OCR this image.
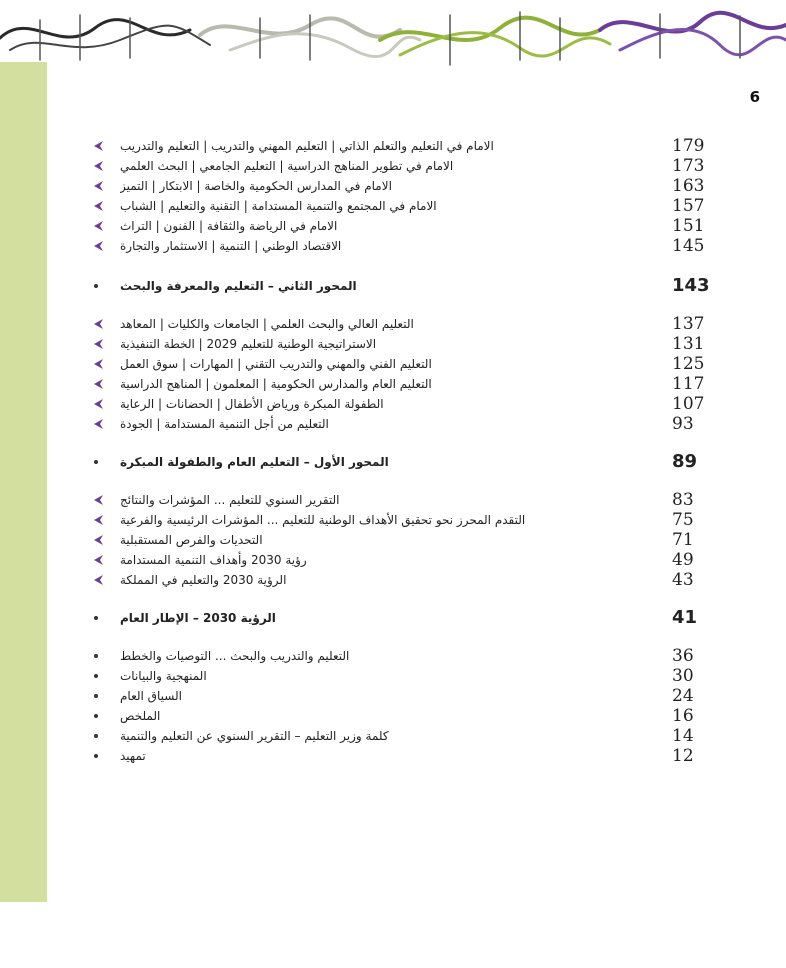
6
ﺍﻻﻣﺎﻡ ﻓﻲ ﺍﻟﺘﻌﻠﻴﻢ ﻭﺍﻟﺘﻌﻠﻢ ﺍﻟﺬﺍﺗﻲ | ﺍﻟﺘﻌﻠﻴﻢ ﺍﻟﻤﻬﻨﻲ ﻭﺍﻟﺘﺪﺭﻳﺐ | ﺍﻟﺘﻌﻠﻴﻢ ﻭﺍﻟﺘﺪﺭﻳﺐ	179
ﺍﻻﻣﺎﻡ ﻓﻲ ﺗﻄﻮﻳﺮ ﺍﻟﻤﻨﺎﻫﺞ ﺍﻟﺪﺭﺍﺳﻴﺔ | ﺍﻟﺘﻌﻠﻴﻢ ﺍﻟﺠﺎﻣﻌﻲ | ﺍﻟﺒﺤﺚ ﺍﻟﻌﻠﻤﻲ	173
ﺍﻻﻣﺎﻡ ﻓﻲ ﺍﻟﻤﺪﺍﺭﺱ ﺍﻟﺤﻜﻮﻣﻴﺔ ﻭﺍﻟﺨﺎﺻﺔ | ﺍﻻﺑﺘﻜﺎﺭ | ﺍﻟﺘﻤﻴﺰ	163
ﺍﻻﻣﺎﻡ ﻓﻲ ﺍﻟﻤﺠﺘﻤﻊ ﻭﺍﻟﺘﻨﻤﻴﺔ ﺍﻟﻤﺴﺘﺪﺍﻣﺔ | ﺍﻟﺘﻘﻨﻴﺔ ﻭﺍﻟﺘﻌﻠﻴﻢ | ﺍﻟﺸﺒﺎﺏ	157
ﺍﻻﻣﺎﻡ ﻓﻲ ﺍﻟﺮﻳﺎﺿﺔ ﻭﺍﻟﺜﻘﺎﻓﺔ | ﺍﻟﻔﻨﻮﻥ | ﺍﻟﺘﺮﺍﺙ	151
ﺍﻻﻗﺘﺼﺎﺩ ﺍﻟﻮﻃﻨﻲ | ﺍﻟﺘﻨﻤﻴﺔ | ﺍﻻﺳﺘﺜﻤﺎﺭ ﻭﺍﻟﺘﺠﺎﺭﺓ	145
ﺍﻟﻤﺤﻮﺭ ﺍﻟﺜﺎﻧﻲ – ﺍﻟﺘﻌﻠﻴﻢ ﻭﺍﻟﻤﻌﺮﻓﺔ ﻭﺍﻟﺒﺤﺚ	143
ﺍﻟﺘﻌﻠﻴﻢ ﺍﻟﻌﺎﻟﻲ ﻭﺍﻟﺒﺤﺚ ﺍﻟﻌﻠﻤﻲ | ﺍﻟﺠﺎﻣﻌﺎﺕ ﻭﺍﻟﻜﻠﻴﺎﺕ | ﺍﻟﻤﻌﺎﻫﺪ	137
ﺍﻻﺳﺘﺮﺍﺗﻴﺠﻴﺔ ﺍﻟﻮﻃﻨﻴﺔ ﻟﻠﺘﻌﻠﻴﻢ 2029 | ﺍﻟﺨﻄﺔ ﺍﻟﺘﻨﻔﻴﺬﻳﺔ	131
ﺍﻟﺘﻌﻠﻴﻢ ﺍﻟﻔﻨﻲ ﻭﺍﻟﻤﻬﻨﻲ ﻭﺍﻟﺘﺪﺭﻳﺐ ﺍﻟﺘﻘﻨﻲ | ﺍﻟﻤﻬﺎﺭﺍﺕ | ﺳﻮﻕ ﺍﻟﻌﻤﻞ	125
ﺍﻟﺘﻌﻠﻴﻢ ﺍﻟﻌﺎﻡ ﻭﺍﻟﻤﺪﺍﺭﺱ ﺍﻟﺤﻜﻮﻣﻴﺔ | ﺍﻟﻤﻌﻠﻤﻮﻥ | ﺍﻟﻤﻨﺎﻫﺞ ﺍﻟﺪﺭﺍﺳﻴﺔ	117
ﺍﻟﻄﻔﻮﻟﺔ ﺍﻟﻤﺒﻜﺮﺓ ﻭﺭﻳﺎﺽ ﺍﻷﻃﻔﺎﻝ | ﺍﻟﺤﻀﺎﻧﺎﺕ | ﺍﻟﺮﻋﺎﻳﺔ	107
ﺍﻟﺘﻌﻠﻴﻢ ﻣﻦ ﺃﺟﻞ ﺍﻟﺘﻨﻤﻴﺔ ﺍﻟﻤﺴﺘﺪﺍﻣﺔ | ﺍﻟﺠﻮﺩﺓ	93
ﺍﻟﻤﺤﻮﺭ ﺍﻷﻭﻝ – ﺍﻟﺘﻌﻠﻴﻢ ﺍﻟﻌﺎﻡ ﻭﺍﻟﻄﻔﻮﻟﺔ ﺍﻟﻤﺒﻜﺮﺓ	89
ﺍﻟﺘﻘﺮﻳﺮ ﺍﻟﺴﻨﻮﻱ ﻟﻠﺘﻌﻠﻴﻢ ... ﺍﻟﻤﺆﺷﺮﺍﺕ ﻭﺍﻟﻨﺘﺎﺋﺞ	83
ﺍﻟﺘﻘﺪﻡ ﺍﻟﻤﺤﺮﺯ ﻧﺤﻮ ﺗﺤﻘﻴﻖ ﺍﻷﻫﺪﺍﻑ ﺍﻟﻮﻃﻨﻴﺔ ﻟﻠﺘﻌﻠﻴﻢ ... ﺍﻟﻤﺆﺷﺮﺍﺕ ﺍﻟﺮﺋﻴﺴﻴﺔ ﻭﺍﻟﻔﺮﻋﻴﺔ	75
ﺍﻟﺘﺤﺪﻳﺎﺕ ﻭﺍﻟﻔﺮﺹ ﺍﻟﻤﺴﺘﻘﺒﻠﻴﺔ	71
ﺭﺅﻳﺔ 2030 ﻭﺃﻫﺪﺍﻑ ﺍﻟﺘﻨﻤﻴﺔ ﺍﻟﻤﺴﺘﺪﺍﻣﺔ	49
ﺍﻟﺮﺅﻳﺔ 2030 ﻭﺍﻟﺘﻌﻠﻴﻢ ﻓﻲ ﺍﻟﻤﻤﻠﻜﺔ	43
ﺍﻟﺮﺅﻳﺔ 2030 – ﺍﻹﻃﺎﺭ ﺍﻟﻌﺎﻡ	41
ﺍﻟﺘﻌﻠﻴﻢ ﻭﺍﻟﺘﺪﺭﻳﺐ ﻭﺍﻟﺒﺤﺚ ... ﺍﻟﺘﻮﺻﻴﺎﺕ ﻭﺍﻟﺨﻄﻂ	36
ﺍﻟﻤﻨﻬﺠﻴﺔ ﻭﺍﻟﺒﻴﺎﻧﺎﺕ	30
ﺍﻟﺴﻴﺎﻕ ﺍﻟﻌﺎﻡ	24
ﺍﻟﻤﻠﺨﺺ	16
ﻛﻠﻤﺔ ﻭﺯﻳﺮ ﺍﻟﺘﻌﻠﻴﻢ – ﺍﻟﺘﻘﺮﻳﺮ ﺍﻟﺴﻨﻮﻱ ﻋﻦ ﺍﻟﺘﻌﻠﻴﻢ ﻭﺍﻟﺘﻨﻤﻴﺔ	14
ﺗﻤﻬﻴﺪ	12
